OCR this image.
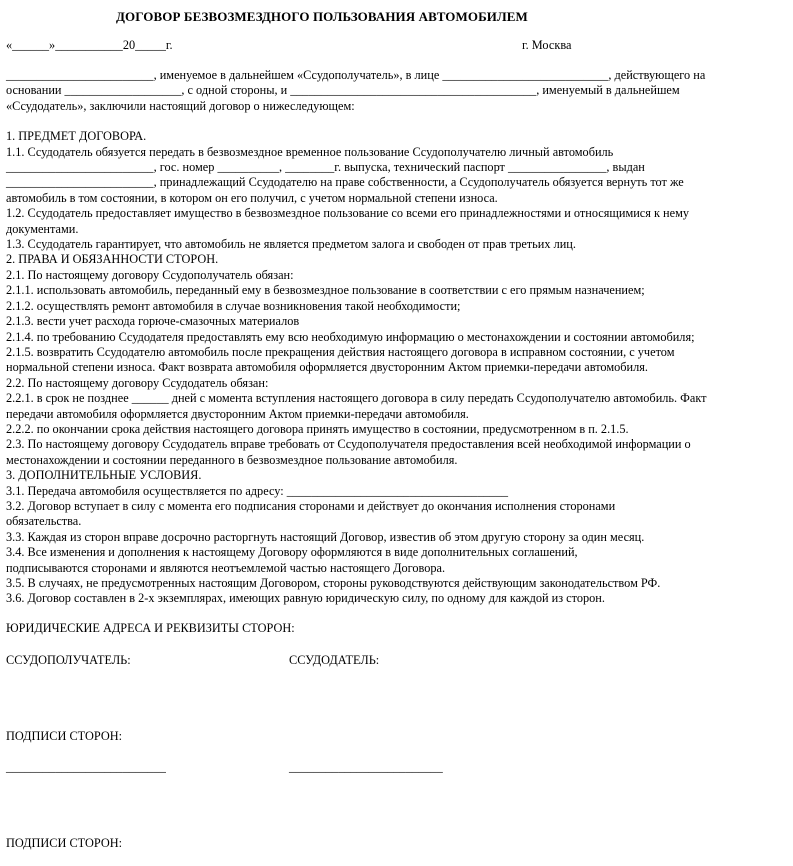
ДОГОВОР БЕЗВОЗМЕЗДНОГО ПОЛЬЗОВАНИЯ АВТОМОБИЛЕМ
«______»___________20_____г.	г. Москва

________________________, именуемое в дальнейшем «Ссудополучатель», в лице ___________________________, действующего на

основании ___________________, с одной стороны, и ________________________________________, именуемый в дальнейшем

«Ссудодатель», заключили настоящий договор о нижеследующем:

1. ПРЕДМЕТ ДОГОВОРА.

1.1. Ссудодатель обязуется передать в безвозмездное временное пользование Ссудополучателю личный автомобиль

________________________, гос. номер __________, ________г. выпуска, технический паспорт ________________, выдан

________________________, принадлежащий Ссудодателю на праве собственности, а Ссудополучатель обязуется вернуть тот же

автомобиль в том состоянии, в котором он его получил, с учетом нормальной степени износа.

1.2. Ссудодатель предоставляет имущество в безвозмездное пользование со всеми его принадлежностями и относящимися к нему

документами.

1.3. Ссудодатель гарантирует, что автомобиль не является предметом залога и свободен от прав третьих лиц.

2. ПРАВА И ОБЯЗАННОСТИ СТОРОН.

2.1. По настоящему договору Ссудополучатель обязан:

2.1.1. использовать автомобиль, переданный ему в безвозмездное пользование в соответствии с его прямым назначением;

2.1.2. осуществлять ремонт автомобиля в случае возникновения такой необходимости;

2.1.3. вести учет расхода горюче-смазочных материалов

2.1.4. по требованию Ссудодателя предоставлять ему всю необходимую информацию о местонахождении и состоянии автомобиля;

2.1.5. возвратить Ссудодателю автомобиль после прекращения действия настоящего договора в исправном состоянии, с учетом

нормальной степени износа. Факт возврата автомобиля оформляется двусторонним Актом приемки-передачи автомобиля.

2.2. По настоящему договору Ссудодатель обязан:

2.2.1. в срок не позднее ______ дней с момента вступления настоящего договора в силу передать Ссудополучателю автомобиль. Факт

передачи автомобиля оформляется двусторонним Актом приемки-передачи автомобиля.

2.2.2. по окончании срока действия настоящего договора принять имущество в состоянии, предусмотренном в п. 2.1.5.

2.3. По настоящему договору Ссудодатель вправе требовать от Ссудополучателя предоставления всей необходимой информации о

местонахождении и состоянии переданного в безвозмездное пользование автомобиля.

3. ДОПОЛНИТЕЛЬНЫЕ УСЛОВИЯ.

3.1. Передача автомобиля осуществляется по адресу: ____________________________________

3.2. Договор вступает в силу с момента его подписания сторонами и действует до окончания исполнения сторонами

обязательства.

3.3. Каждая из сторон вправе досрочно расторгнуть настоящий Договор, известив об этом другую сторону за один месяц.

3.4. Все изменения и дополнения к настоящему Договору оформляются в виде дополнительных соглашений,

подписываются сторонами и являются неотъемлемой частью настоящего Договора.

3.5. В случаях, не предусмотренных настоящим Договором, стороны руководствуются действующим законодательством РФ.

3.6. Договор составлен в 2-х экземплярах, имеющих равную юридическую силу, по одному для каждой из сторон.

ЮРИДИЧЕСКИЕ АДРЕСА И РЕКВИЗИТЫ СТОРОН:
ССУДОПОЛУЧАТЕЛЬ:	ССУДОДАТЕЛЬ:
ПОДПИСИ СТОРОН:
__________________________	_________________________
ПОДПИСИ СТОРОН:
